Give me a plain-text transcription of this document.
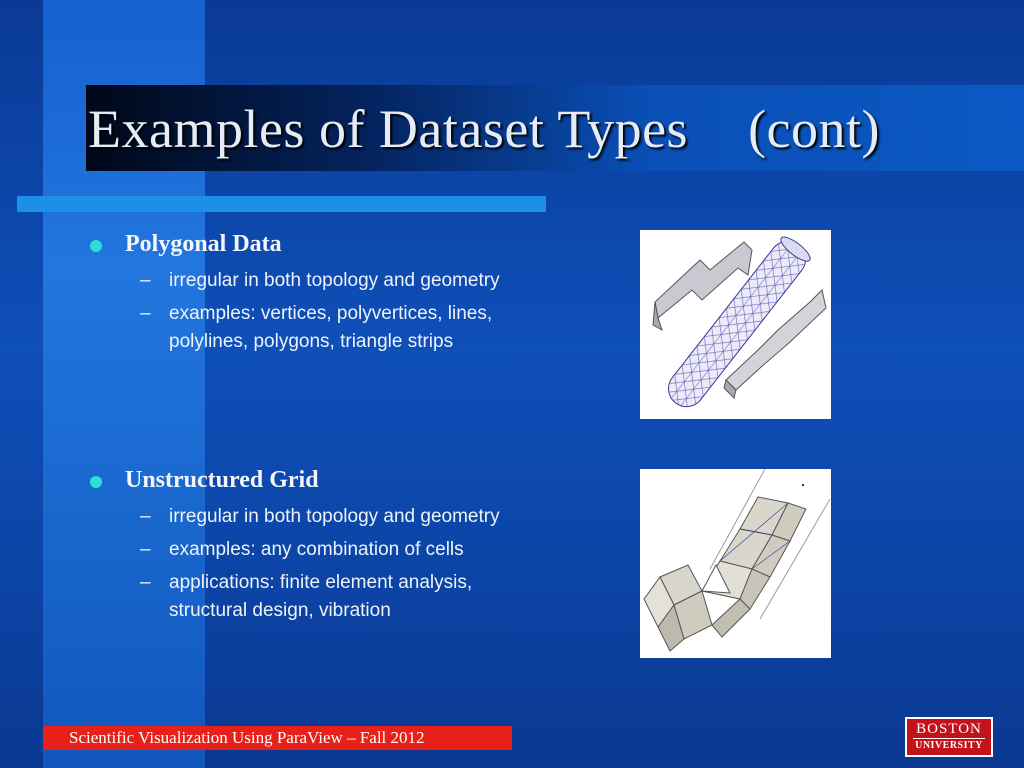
Examples of Dataset Types (cont)
Polygonal Data
– irregular in both topology and geometry
– examples: vertices, polyvertices, lines, polylines, polygons, triangle strips
Unstructured Grid
– irregular in both topology and geometry
– examples: any combination of cells
– applications: finite element analysis, structural design, vibration
Scientific Visualization Using ParaView – Fall 2012	BOSTON
UNIVERSITY
